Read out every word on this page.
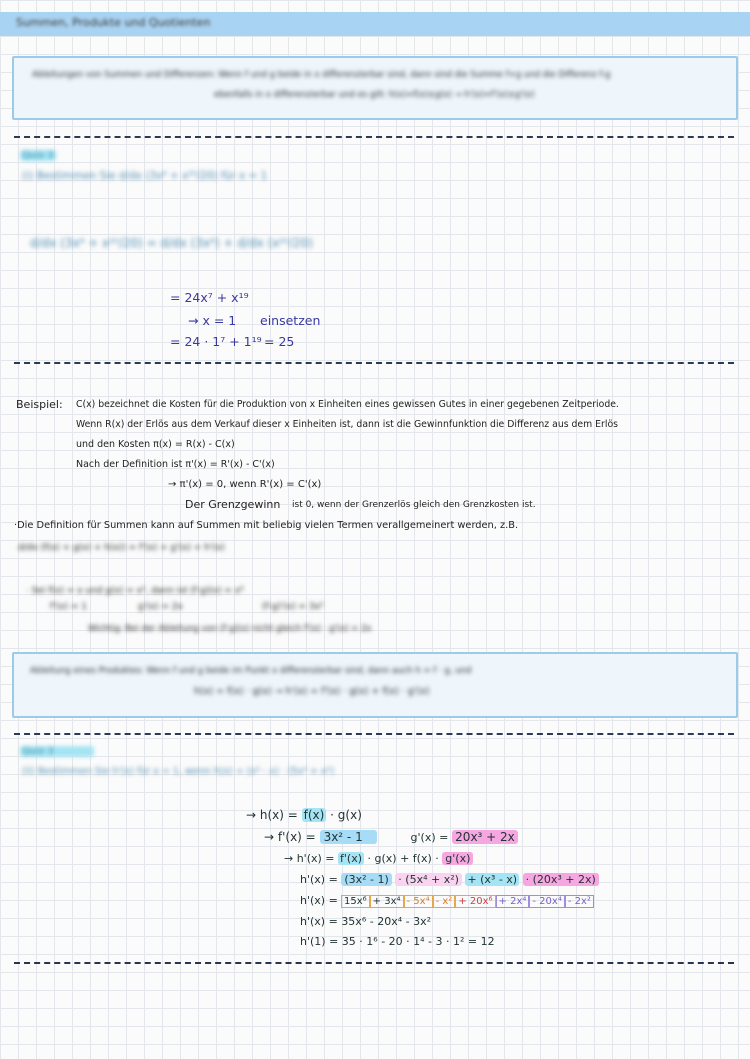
Summen, Produkte und Quotienten
Ableitungen von Summen und Differenzen: Wenn f und g beide in x differenzierbar sind, dann sind die Summe f+g und die Differenz f-g
ebenfalls in x differenzierbar und es gilt: h(x)=f(x)±g(x) → h'(x)=f'(x)±g'(x)
Quiz 3
(i) Bestimmen Sie d/dx (3x⁸ + x²⁰/20) für x = 1
d/dx (3x⁸ + x²⁰/20) = d/dx (3x⁸) + d/dx (x²⁰/20)
= 24x⁷ + x¹⁹
→ x = 1 einsetzen
= 24 · 1⁷ + 1¹⁹ = 25
Beispiel: C(x) bezeichnet die Kosten für die Produktion von x Einheiten eines gewissen Gutes in einer gegebenen Zeitperiode.
Wenn R(x) der Erlös aus dem Verkauf dieser x Einheiten ist, dann ist die Gewinnfunktion die Differenz aus dem Erlös
und den Kosten π(x) = R(x) - C(x)
Nach der Definition ist π'(x) = R'(x) - C'(x)
→ π'(x) = 0, wenn R'(x) = C'(x)
Der Grenzgewinn ist 0, wenn der Grenzerlös gleich den Grenzkosten ist.
·Die Definition für Summen kann auf Summen mit beliebig vielen Termen verallgemeinert werden, z.B.
d/dx (f(x) + g(x) + h(x)) = f'(x) + g'(x) + h'(x)
· Sei f(x) = x und g(x) = x², dann ist (f·g)(x) = x³
f'(x) = 1	g'(x) = 2x	(f·g)'(x) = 3x²
Wichtig: Bei der Ableitung von (f·g)(x) nicht gleich f'(x) · g'(x) = 2x
Ableitung eines Produktes: Wenn f und g beide im Punkt x differenzierbar sind, dann auch h = f · g, und
h(x) = f(x) · g(x) → h'(x) = f'(x) · g(x) + f(x) · g'(x)
Quiz 3
(ii) Bestimmen Sie h'(x) für x = 1, wenn h(x) = (x³ - x) · (5x⁴ + x²)
→ h(x) = f(x) · g(x)
→ f'(x) = 3x² - 1	g'(x) = 20x³ + 2x
→ h'(x) = f'(x) · g(x) + f(x) · g'(x)
h'(x) = (3x² - 1) · (5x⁴ + x²) + (x³ - x) · (20x³ + 2x)
h'(x) = 15x⁶ + 3x⁴ - 5x⁴ - x² + 20x⁶ + 2x⁴ - 20x⁴ - 2x²
h'(x) = 35x⁶ - 20x⁴ - 3x²
h'(1) = 35 · 1⁶ - 20 · 1⁴ - 3 · 1² = 12
